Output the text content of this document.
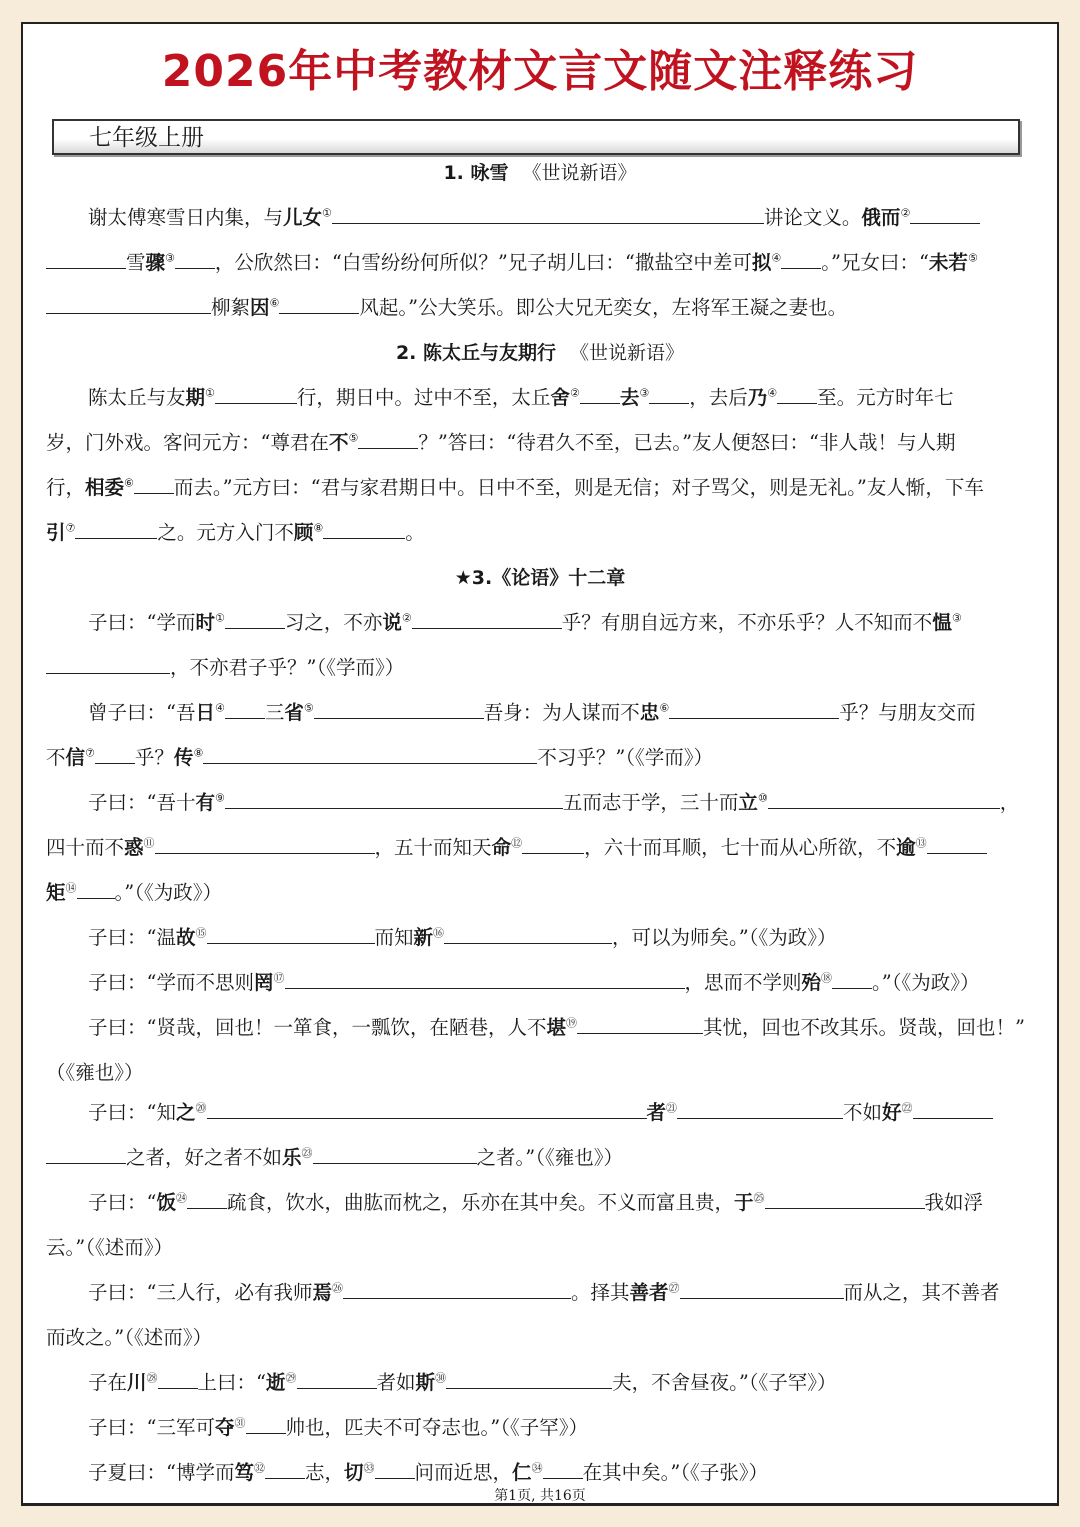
2026年中考教材文言文随文注释练习
七年级上册
1. 咏雪 《世说新语》
谢太傅寒雪日内集，与儿女①	讲论文义。俄而②
雪骤③ ，公欣然曰：“白雪纷纷何所似？”兄子胡儿曰：“撒盐空中差可拟④ 。”兄女曰：“未若⑤
柳絮因⑥	风起。”公大笑乐。即公大兄无奕女，左将军王凝之妻也。
2. 陈太丘与友期行 《世说新语》
陈太丘与友期①	行，期日中。过中不至，太丘舍② 去③ ，去后乃④ 至。元方时年七
岁，门外戏。客问元方：“尊君在不⑤	？”答曰：“待君久不至，已去。”友人便怒曰：“非人哉！与人期
行，相委⑥ 而去。”元方曰：“君与家君期日中。日中不至，则是无信；对子骂父，则是无礼。”友人惭，下车
引⑦	之。元方入门不顾⑧	。
★3.《论语》十二章
子曰：“学而时①	习之，不亦说②	乎？有朋自远方来，不亦乐乎？人不知而不愠③
，不亦君子乎？”（《学而》）
曾子曰：“吾日④ 三省⑤	吾身：为人谋而不忠⑥	乎？与朋友交而
不信⑦ 乎？传⑧	不习乎？”（《学而》）
子曰：“吾十有⑨	五而志于学，三十而立⑩	，
四十而不惑⑪	，五十而知天命⑫	，六十而耳顺，七十而从心所欲，不逾⑬
矩⑭ 。”（《为政》）
子曰：“温故⑮	而知新⑯	，可以为师矣。”（《为政》）
子曰：“学而不思则罔⑰	，思而不学则殆⑱ 。”（《为政》）
子曰：“贤哉，回也！一箪食，一瓢饮，在陋巷，人不堪⑲	其忧，回也不改其乐。贤哉，回也！”
（《雍也》）
子曰：“知之⑳	者$^㉑$	不如好$^㉒$
之者，好之者不如乐$^㉓$	之者。”（《雍也》）
子曰：“饭$^㉔$ 疏食，饮水，曲肱而枕之，乐亦在其中矣。不义而富且贵，于$^㉕$	我如浮
云。”（《述而》）
子曰：“三人行，必有我师焉$^㉖$	。择其善者$^㉗$	而从之，其不善者
而改之。”（《述而》）
子在川$^㉘$ 上曰：“逝$^㉙$	者如斯$^㉚$	夫，不舍昼夜。”（《子罕》）
子曰：“三军可夺$^㉛$ 帅也，匹夫不可夺志也。”（《子罕》）
子夏曰：“博学而笃$^㉜$ 志，切$^㉝$ 问而近思，仁$^㉞$ 在其中矣。”（《子张》）
第1页, 共16页
